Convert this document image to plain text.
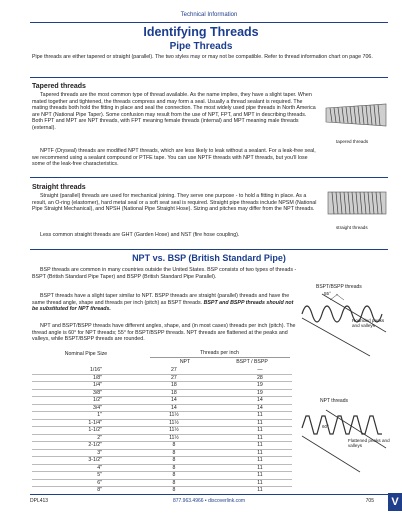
Technical Information
Identifying Threads
Pipe Threads
Pipe threads are either tapered or straight (parallel). The two styles may or may not be compatible. Refer to thread information chart on page 706.
Tapered threads
Tapered threads are the most common type of thread available. As the name implies, they have a slight taper. When mated together and tightened, the threads compress and may form a seal. Usually a thread sealant is required. The mating threads both hold the fitting in place and seal the connection. The most widely used pipe threads in North America are NPT (National Pipe Taper). Some confusion may result from the use of NPT, FPT, and MPT in describing threads. Both FPT and MPT are NPT threads, with FPT meaning female threads (internal) and MPT meaning male threads (external).
NPTF (Dryseal) threads are modified NPT threads, which are less likely to leak without a sealant. For a leak-free seal, we recommend using a sealant compound or PTFE tape. You can use NPTF threads with NPT threads, but you'll lose some of the leak-free characteristics.
tapered threads
Straight threads
Straight (parallel) threads are used for mechanical joining. They serve one purpose - to hold a fitting in place. As a result, an O-ring (elastomer), hard metal seal or a soft seat seal is required. Straight pipe threads include NPSM (National Pipe Straight Mechanical), and NPSH (National Pipe Straight Hose). Sizing and pitches may differ from the NPT threads.
Less common straight threads are GHT (Garden Hose) and NST (fire hose coupling).
straight threads
NPT vs. BSP (British Standard Pipe)
BSP threads are common in many countries outside the United States. BSP consists of two types of threads - BSPT (British Standard Pipe Taper) and BSPP (British Standard Pipe Parallel).
BSPT threads have a slight taper similar to NPT. BSPP threads are straight (parallel) threads and have the same thread angle, shape and threads per inch (pitch) as BSPT threads. BSPT and BSPP threads should not be substituted for NPT threads.
NPT and BSPT/BSPP threads have different angles, shape, and (in most cases) threads per inch (pitch). The thread angle is 60° for NPT threads; 55° for BSPT/BSPP threads. NPT threads are flattened at the peaks and valleys, while BSPT/BSPP threads are rounded.
BSPT/BSPP threads
55°
Rounded peaks and valleys
NPT threads
60°
Flattened peaks and valleys
Nominal Pipe Size	Threads per inch
NPT	BSPT / BSPP
1/16"	27	—
1/8"	27	28
1/4"	18	19
3/8"	18	19
1/2"	14	14
3/4"	14	14
1"	11½	11
1-1/4"	11½	11
1-1/2"	11½	11
2"	11½	11
2-1/2"	8	11
3"	8	11
3-1/2"	8	11
4"	8	11
5"	8	11
6"	8	11
8"	8	11
DPL413	877.963.4966 • discoverlink.com	705	V
